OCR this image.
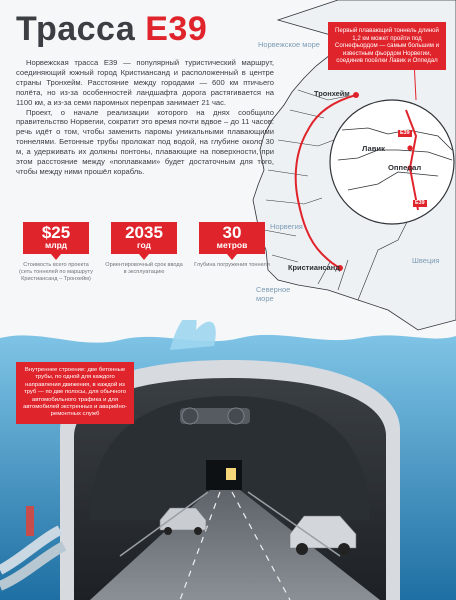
Норвежское море
Норвегия
Швеция
Северное море
Тронхейм
Кристиансанд
Лавик
Оппедал
E39
E39
Первый плавающий тоннель длиной 1,2 км может пройти под Согнефьордом — самым большим и известным фьордом Норвегии, соединив посёлки Лавик и Оппедал
Трасса E39

Норвежская трасса E39 — популярный туристический маршрут, соединяющий южный город Кристиансанд и расположенный в центре страны Тронхейм. Расстояние между городами — 600 км птичьего полёта, но из-за особенностей ландшафта дорога растягивается на 1100 км, а из-за семи паромных переправ занимает 21 час.

Проект, о начале реализации которого на днях сообщило правительство Норвегии, сократит это время почти вдвое – до 11 часов: речь идёт о том, чтобы заменить паромы уникальными плавающими тоннелями. Бетонные трубы проложат под водой, на глубине около 30 м, а удерживать их должны понтоны, плавающие на поверхности, при этом расстояние между «поплавками» будет достаточным для того, чтобы между ними прошёл корабль.

$25
млрд
Стоимость всего проекта (сеть тоннелей по маршруту Кристиансанд – Тронхейм)
2035
год
Ориентировочный срок ввода в эксплуатацию
30
метров
Глубина погружения тоннеля
Внутреннее строение: две бетонные трубы, по одной для каждого направления движения, в каждой из труб — по две полосы, для обычного автомобильного трафика и для автомобилей экстренных и аварийно-ремонтных служб
